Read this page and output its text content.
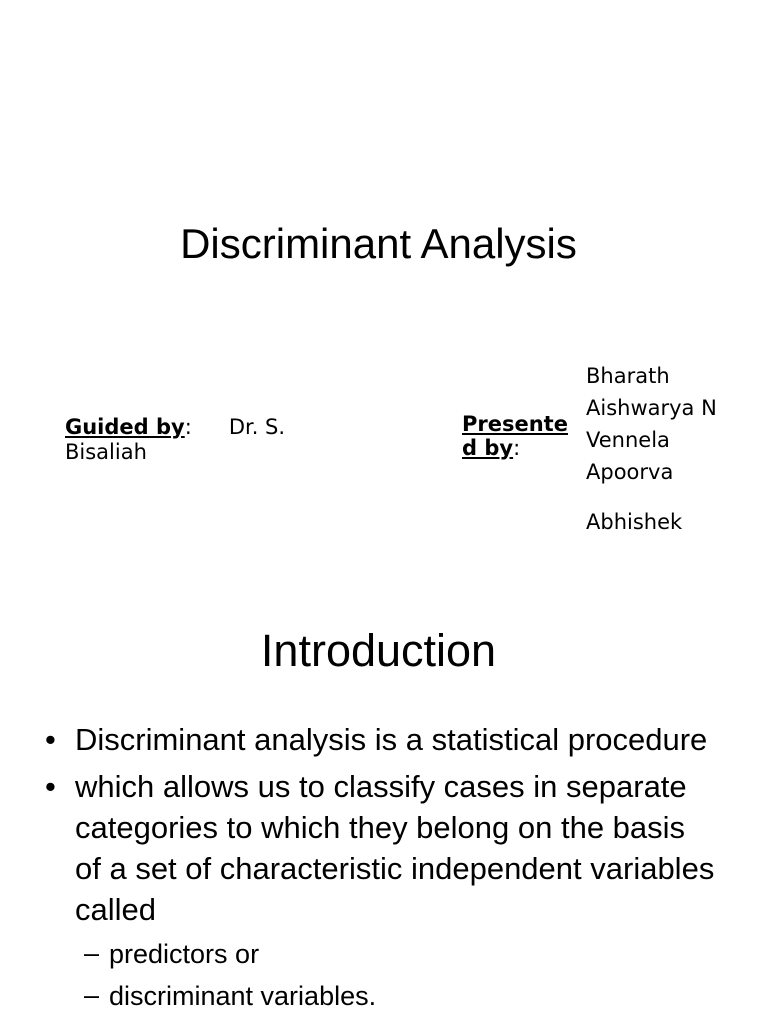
Discriminant Analysis
Guided by: Dr. S. Bisaliah
Presented by:
Bharath
Aishwarya N
Vennela
Apoorva
Abhishek
Introduction
• Discriminant analysis is a statistical procedure
• which allows us to classify cases in separate
categories to which they belong on the basis
of a set of characteristic independent variables
called
– predictors or
– discriminant variables.
